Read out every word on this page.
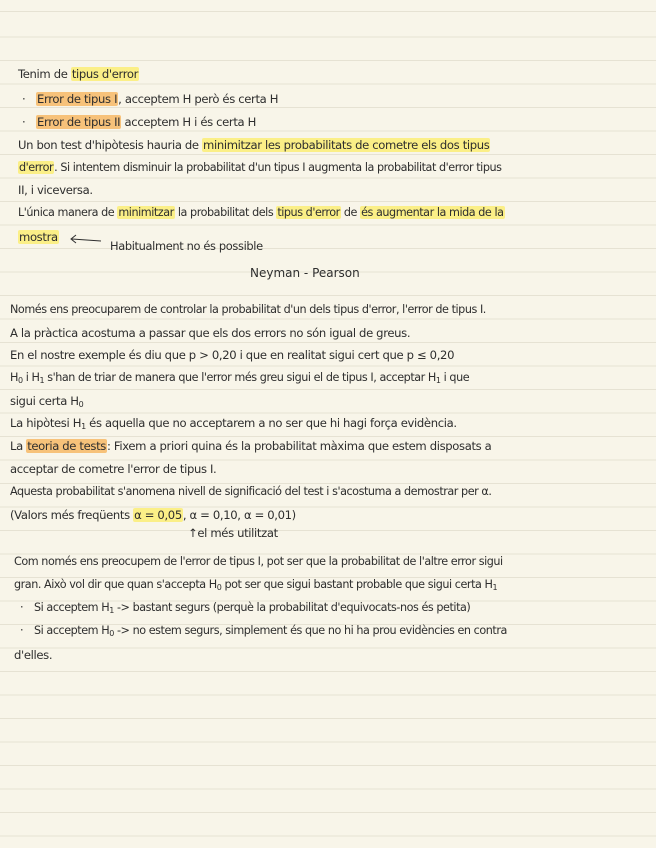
Tenim de tipus d'error
· Error de tipus I, acceptem H però és certa H
· Error de tipus II acceptem H i és certa H
Un bon test d'hipòtesis hauria de minimitzar les probabilitats de cometre els dos tipus
d'error. Si intentem disminuir la probabilitat d'un tipus I augmenta la probabilitat d'error tipus
II, i viceversa.
L'única manera de minimitzar la probabilitat dels tipus d'error de és augmentar la mida de la
mostra
Habitualment no és possible
Neyman - Pearson
Només ens preocuparem de controlar la probabilitat d'un dels tipus d'error, l'error de tipus I.
A la pràctica acostuma a passar que els dos errors no són igual de greus.
En el nostre exemple és diu que p > 0,20 i que en realitat sigui cert que p ≤ 0,20
$H_0$ i $H_1$ s'han de triar de manera que l'error més greu sigui el de tipus I, acceptar $H_1$ i que
sigui certa $H_0$
La hipòtesi $H_1$ és aquella que no acceptarem a no ser que hi hagi força evidència.
La teoria de tests: Fixem a priori quina és la probabilitat màxima que estem disposats a
acceptar de cometre l'error de tipus I.
Aquesta probabilitat s'anomena nivell de significació del test i s'acostuma a demostrar per α.
(Valors més freqüents α = 0,05, α = 0,10, α = 0,01)
↑el més utilitzat
Com només ens preocupem de l'error de tipus I, pot ser que la probabilitat de l'altre error sigui
gran. Això vol dir que quan s'accepta $H_0$ pot ser que sigui bastant probable que sigui certa $H_1$
· Si acceptem $H_1 -> bastant$ segurs (perquè la probabilitat d'equivocats-nos és petita)
· Si acceptem $H_0$ -> no estem segurs, simplement és que no hi ha prou evidències en contra
d'elles.
